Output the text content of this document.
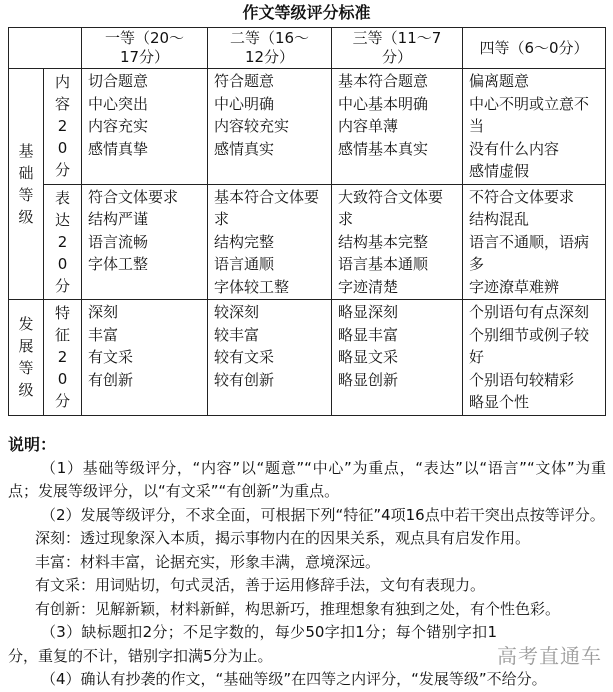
作文等级评分标准
		一等（20～17分）	二等（16～12分）	三等（11～7分）	四等（6～0分）

基础等级	内容20分	切合题意
中心突出
内容充实
感情真挚	符合题意
中心明确
内容较充实
感情真实	基本符合题意
中心基本明确
内容单薄
感情基本真实	偏离题意
中心不明或立意不当
没有什么内容
感情虚假

	表达20分	符合文体要求
结构严谨
语言流畅
字体工整	基本符合文体要求
结构完整
语言通顺
字体较工整	大致符合文体要求
结构基本完整
语言基本通顺
字迹清楚	不符合文体要求
结构混乱
语言不通顺，语病多
字迹潦草难辨

发展等级	特征20分	深刻
丰富
有文采
有创新	较深刻
较丰富
较有文采
较有创新	略显深刻
略显丰富
略显文采
略显创新	个别语句有点深刻
个别细节或例子较好
个别语句较精彩
略显个性
说明：
（1）基础等级评分，“内容”以“题意”“中心”为重点，“表达”以“语言”“文体”为重点；发展等级评分，以“有文采”“有创新”为重点。
（2）发展等级评分，不求全面，可根据下列“特征”4项16点中若干突出点按等评分。
深刻：透过现象深入本质，揭示事物内在的因果关系，观点具有启发作用。
丰富：材料丰富，论据充实，形象丰满，意境深远。
有文采：用词贴切，句式灵活，善于运用修辞手法，文句有表现力。
有创新：见解新颖，材料新鲜，构思新巧，推理想象有独到之处，有个性色彩。
高考直通车
（3）缺标题扣2分；不足字数的，每少50字扣1分；每个错别字扣1分，重复的不计，错别字扣满5分为止。
（4）确认有抄袭的作文，“基础等级”在四等之内评分，“发展等级”不给分。
